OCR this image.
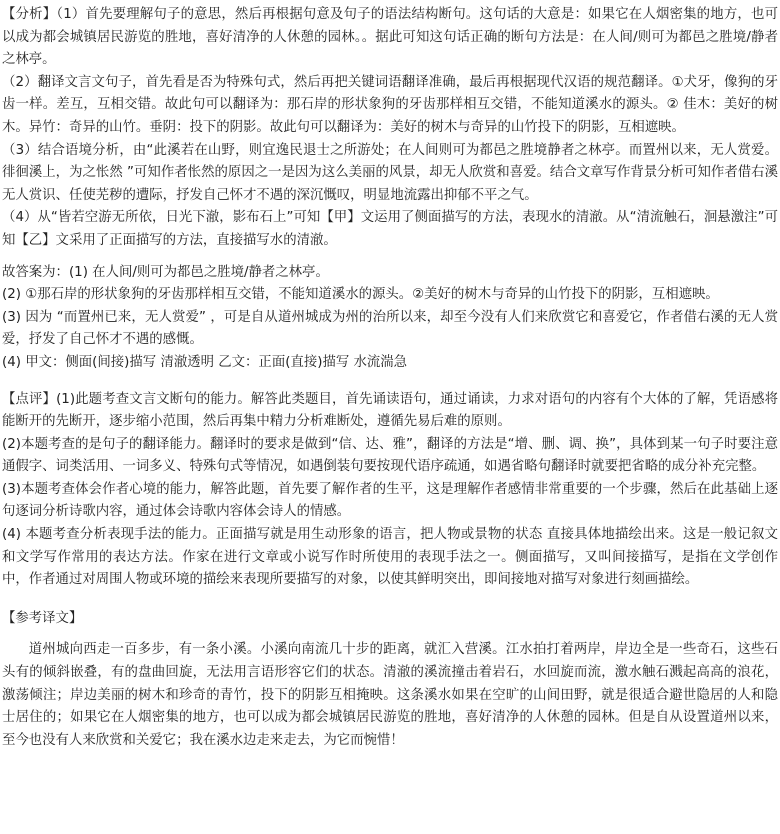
【分析】（1）首先要理解句子的意思，然后再根据句意及句子的语法结构断句。这句话的大意是：如果它在人烟密集的地方，也可以成为都会城镇居民游览的胜地，喜好清净的人休憩的园林。。据此可知这句话正确的断句方法是：在人间/则可为都邑之胜境/静者之林亭。

（2）翻译文言文句子，首先看是否为特殊句式，然后再把关键词语翻译准确，最后再根据现代汉语的规范翻译。①犬牙，像狗的牙齿一样。差互，互相交错。故此句可以翻译为：那石岸的形状象狗的牙齿那样相互交错，不能知道溪水的源头。② 佳木：美好的树木。异竹：奇异的山竹。垂阴：投下的阴影。故此句可以翻译为：美好的树木与奇异的山竹投下的阴影，互相遮映。

（3）结合语境分析，由“此溪若在山野，则宜逸民退士之所游处；在人间则可为都邑之胜境静者之林亭。而置州以来，无人赏爱。徘徊溪上，为之怅然 ”可知作者怅然的原因之一是因为这么美丽的风景，却无人欣赏和喜爱。结合文章写作背景分析可知作者借右溪无人赏识、任使芜秽的遭际，抒发自己怀才不遇的深沉慨叹，明显地流露出抑郁不平之气。

（4）从“皆若空游无所依，日光下澈，影布石上”可知【甲】文运用了侧面描写的方法，表现水的清澈。从“清流触石，洄悬激注”可知【乙】文采用了正面描写的方法，直接描写水的清澈。

故答案为：(1) 在人间/则可为都邑之胜境/静者之林亭。

(2) ①那石岸的形状象狗的牙齿那样相互交错，不能知道溪水的源头。②美好的树木与奇异的山竹投下的阴影，互相遮映。

(3) 因为 “而置州已来，无人赏爱” ，可是自从道州城成为州的治所以来，却至今没有人们来欣赏它和喜爱它，作者借右溪的无人赏爱，抒发了自己怀才不遇的感慨。

(4) 甲文：侧面(间接)描写 清澈透明 乙文：正面(直接)描写 水流湍急

【点评】(1)此题考查文言文断句的能力。解答此类题目，首先诵读语句，通过诵读，力求对语句的内容有个大体的了解，凭语感将能断开的先断开，逐步缩小范围，然后再集中精力分析难断处，遵循先易后难的原则。

(2)本题考查的是句子的翻译能力。翻译时的要求是做到“信、达、雅”，翻译的方法是“增、删、调、换”，具体到某一句子时要注意通假字、词类活用、一词多义、特殊句式等情况，如遇倒装句要按现代语序疏通，如遇省略句翻译时就要把省略的成分补充完整。

(3)本题考查体会作者心境的能力，解答此题，首先要了解作者的生平，这是理解作者感情非常重要的一个步骤，然后在此基础上逐句逐词分析诗歌内容，通过体会诗歌内容体会诗人的情感。

(4) 本题考查分析表现手法的能力。正面描写就是用生动形象的语言，把人物或景物的状态 直接具体地描绘出来。这是一般记叙文和文学写作常用的表达方法。作家在进行文章或小说写作时所使用的表现手法之一。侧面描写，又叫间接描写，是指在文学创作中，作者通过对周围人物或环境的描绘来表现所要描写的对象，以使其鲜明突出，即间接地对描写对象进行刻画描绘。

【参考译文】

道州城向西走一百多步，有一条小溪。小溪向南流几十步的距离，就汇入营溪。江水拍打着两岸，岸边全是一些奇石，这些石头有的倾斜嵌叠，有的盘曲回旋，无法用言语形容它们的状态。清澈的溪流撞击着岩石，水回旋而流，激水触石溅起高高的浪花，激荡倾注；岸边美丽的树木和珍奇的青竹，投下的阴影互相掩映。这条溪水如果在空旷的山间田野，就是很适合避世隐居的人和隐士居住的；如果它在人烟密集的地方，也可以成为都会城镇居民游览的胜地，喜好清净的人休憩的园林。但是自从设置道州以来，至今也没有人来欣赏和关爱它；我在溪水边走来走去，为它而惋惜！
